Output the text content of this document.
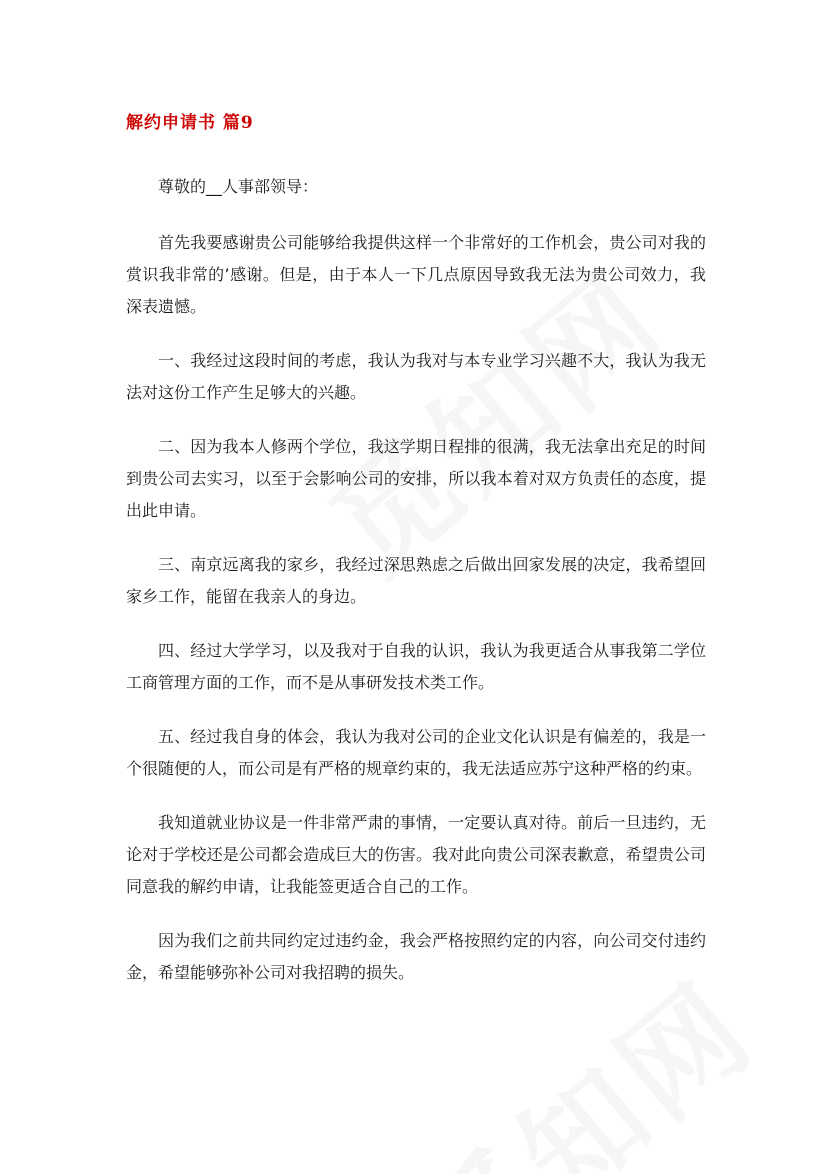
解约申请书 篇9

尊敬的__人事部领导：

首先我要感谢贵公司能够给我提供这样一个非常好的工作机会，贵公司对我的赏识我非常的’感谢。但是，由于本人一下几点原因导致我无法为贵公司效力，我深表遗憾。

一、我经过这段时间的考虑，我认为我对与本专业学习兴趣不大，我认为我无法对这份工作产生足够大的兴趣。

二、因为我本人修两个学位，我这学期日程排的很满，我无法拿出充足的时间到贵公司去实习，以至于会影响公司的安排，所以我本着对双方负责任的态度，提出此申请。

三、南京远离我的家乡，我经过深思熟虑之后做出回家发展的决定，我希望回家乡工作，能留在我亲人的身边。

四、经过大学学习，以及我对于自我的认识，我认为我更适合从事我第二学位工商管理方面的工作，而不是从事研发技术类工作。

五、经过我自身的体会，我认为我对公司的企业文化认识是有偏差的，我是一个很随便的人，而公司是有严格的规章约束的，我无法适应苏宁这种严格的约束。

我知道就业协议是一件非常严肃的事情，一定要认真对待。前后一旦违约，无论对于学校还是公司都会造成巨大的伤害。我对此向贵公司深表歉意，希望贵公司同意我的解约申请，让我能签更适合自己的工作。

因为我们之前共同约定过违约金，我会严格按照约定的内容，向公司交付违约金，希望能够弥补公司对我招聘的损失。
